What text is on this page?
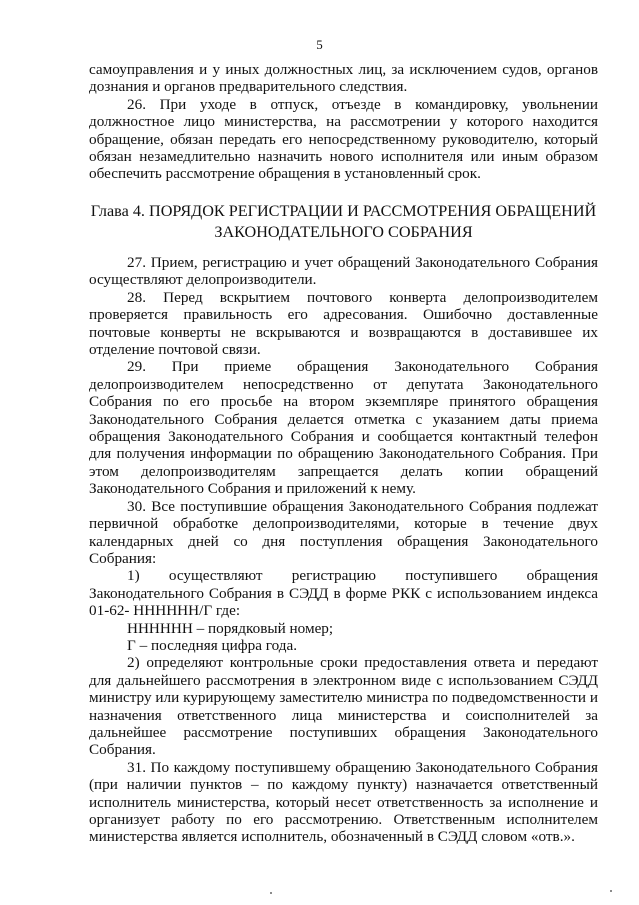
5

самоуправления и у иных должностных лиц, за исключением судов, органов дознания и органов предварительного следствия.

26. При уходе в отпуск, отъезде в командировку, увольнении должностное лицо министерства, на рассмотрении у которого находится обращение, обязан передать его непосредственному руководителю, который обязан незамедлительно назначить нового исполнителя или иным образом обеспечить рассмотрение обращения в установленный срок.

Глава 4. ПОРЯДОК РЕГИСТРАЦИИ И РАССМОТРЕНИЯ ОБРАЩЕНИЙ
ЗАКОНОДАТЕЛЬНОГО СОБРАНИЯ

27. Прием, регистрацию и учет обращений Законодательного Собрания осуществляют делопроизводители.

28. Перед вскрытием почтового конверта делопроизводителем проверяется правильность его адресования. Ошибочно доставленные почтовые конверты не вскрываются и возвращаются в доставившее их отделение почтовой связи.

29. При приеме обращения Законодательного Собрания делопроизводителем непосредственно от депутата Законодательного Собрания по его просьбе на втором экземпляре принятого обращения Законодательного Собрания делается отметка с указанием даты приема обращения Законодательного Собрания и сообщается контактный телефон для получения информации по обращению Законодательного Собрания. При этом делопроизводителям запрещается делать копии обращений Законодательного Собрания и приложений к нему.

30. Все поступившие обращения Законодательного Собрания подлежат первичной обработке делопроизводителями, которые в течение двух календарных дней со дня поступления обращения Законодательного Собрания:

1) осуществляют регистрацию поступившего обращения Законодательного Собрания в СЭДД в форме РКК с использованием индекса 01-62- НННННН/Г где:

НННННН – порядковый номер;

Г – последняя цифра года.

2) определяют контрольные сроки предоставления ответа и передают для дальнейшего рассмотрения в электронном виде с использованием СЭДД министру или курирующему заместителю министра по подведомственности и назначения ответственного лица министерства и соисполнителей за дальнейшее рассмотрение поступивших обращения Законодательного Собрания.

31. По каждому поступившему обращению Законодательного Собрания (при наличии пунктов – по каждому пункту) назначается ответственный исполнитель министерства, который несет ответственность за исполнение и организует работу по его рассмотрению. Ответственным исполнителем министерства является исполнитель, обозначенный в СЭДД словом «отв.».
